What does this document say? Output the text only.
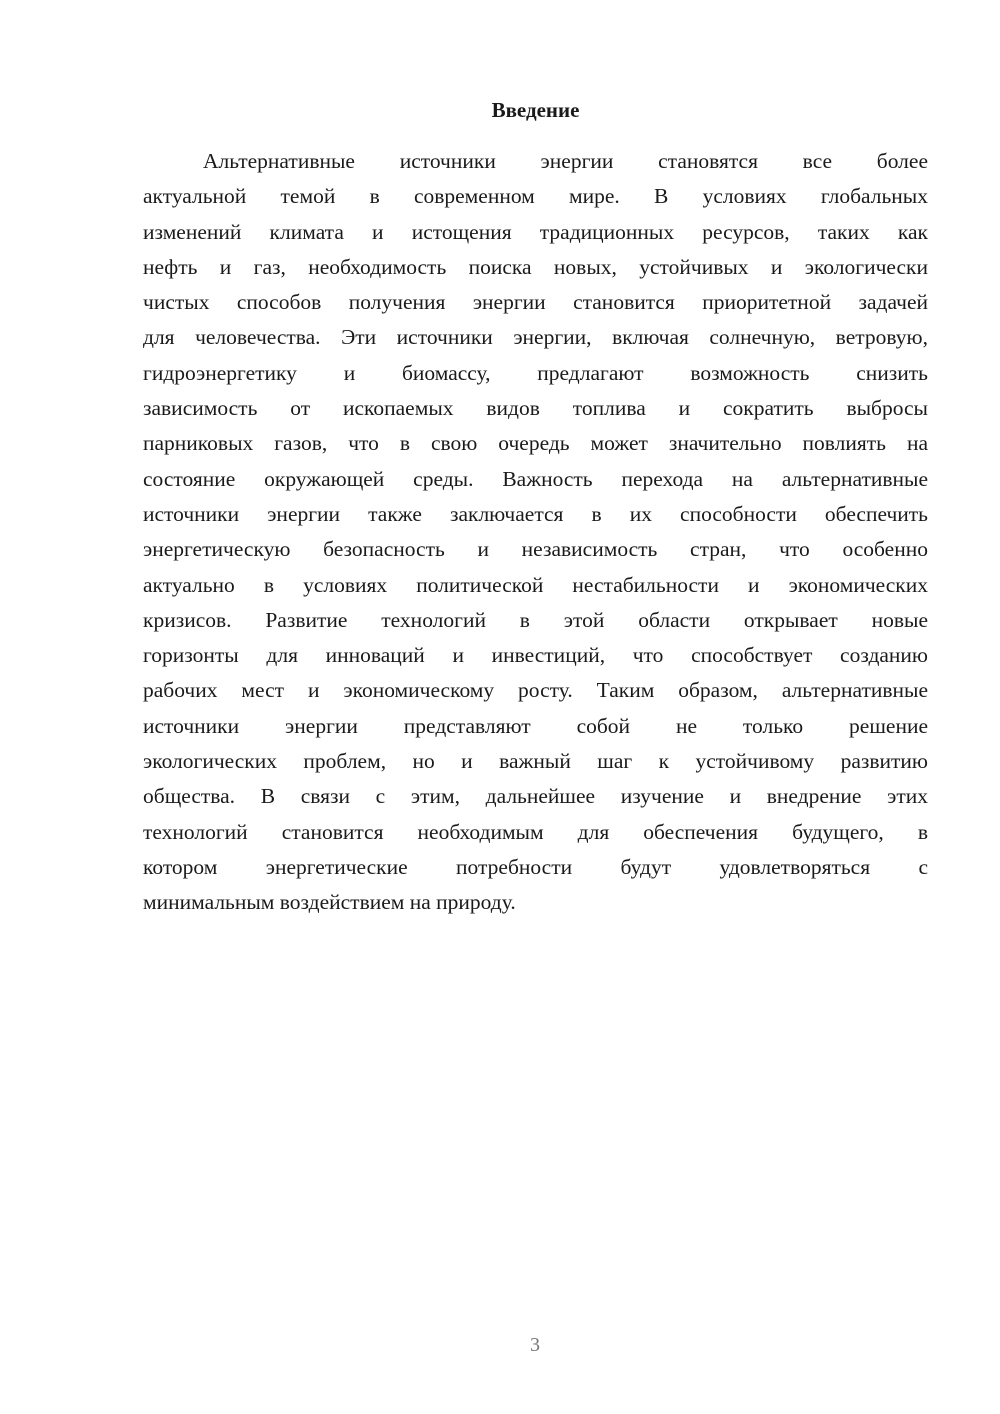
Введение
Альтернативные источники энергии становятся все более
актуальной темой в современном мире. В условиях глобальных
изменений климата и истощения традиционных ресурсов, таких как
нефть и газ, необходимость поиска новых, устойчивых и экологически
чистых способов получения энергии становится приоритетной задачей
для человечества. Эти источники энергии, включая солнечную, ветровую,
гидроэнергетику и биомассу, предлагают возможность снизить
зависимость от ископаемых видов топлива и сократить выбросы
парниковых газов, что в свою очередь может значительно повлиять на
состояние окружающей среды. Важность перехода на альтернативные
источники энергии также заключается в их способности обеспечить
энергетическую безопасность и независимость стран, что особенно
актуально в условиях политической нестабильности и экономических
кризисов. Развитие технологий в этой области открывает новые
горизонты для инноваций и инвестиций, что способствует созданию
рабочих мест и экономическому росту. Таким образом, альтернативные
источники энергии представляют собой не только решение
экологических проблем, но и важный шаг к устойчивому развитию
общества. В связи с этим, дальнейшее изучение и внедрение этих
технологий становится необходимым для обеспечения будущего, в
котором энергетические потребности будут удовлетворяться с
минимальным воздействием на природу.
3
